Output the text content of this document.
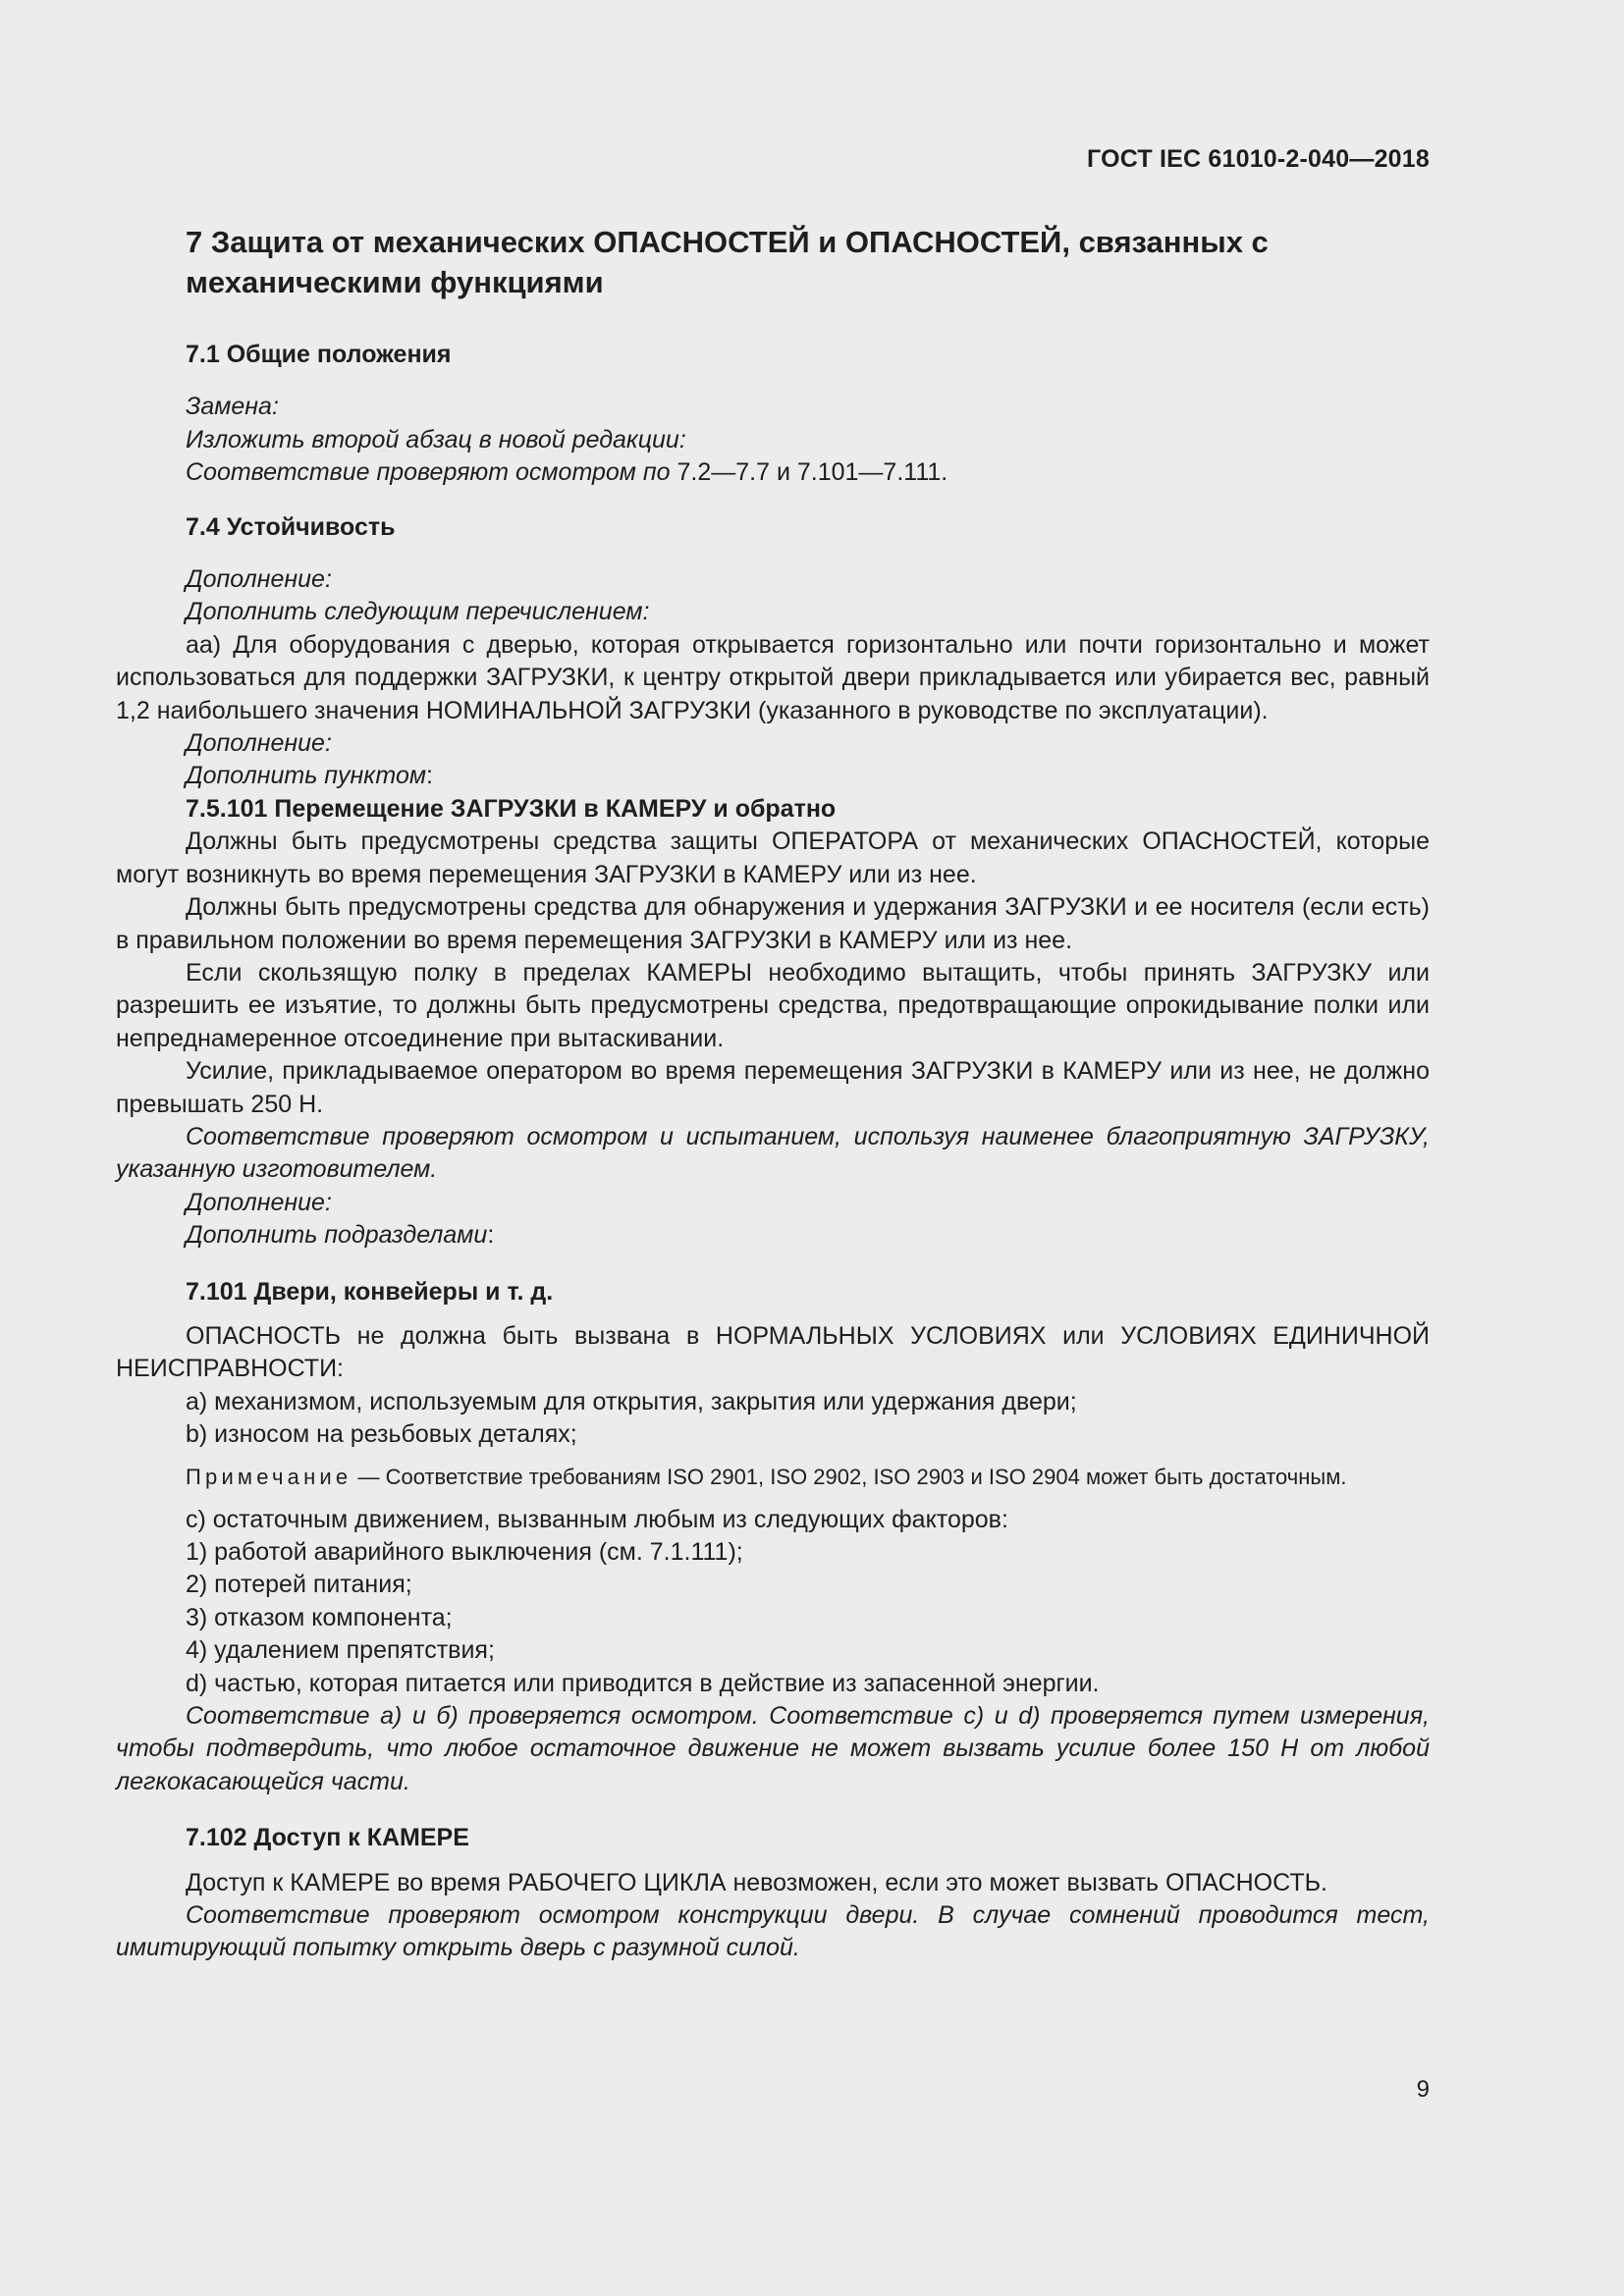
ГОСТ IEC 61010-2-040—2018

7 Защита от механических ОПАСНОСТЕЙ и ОПАСНОСТЕЙ, связанных с механическими функциями

7.1 Общие положения

Замена:

Изложить второй абзац в новой редакции:

Соответствие проверяют осмотром по 7.2—7.7 и 7.101—7.111.

7.4 Устойчивость

Дополнение:

Дополнить следующим перечислением:

аа) Для оборудования с дверью, которая открывается горизонтально или почти горизонтально и может использоваться для поддержки ЗАГРУЗКИ, к центру открытой двери прикладывается или убирается вес, равный 1,2 наибольшего значения НОМИНАЛЬНОЙ ЗАГРУЗКИ (указанного в руководстве по эксплуатации).

Дополнение:

Дополнить пунктом:

7.5.101 Перемещение ЗАГРУЗКИ в КАМЕРУ и обратно

Должны быть предусмотрены средства защиты ОПЕРАТОРА от механических ОПАСНОСТЕЙ, которые могут возникнуть во время перемещения ЗАГРУЗКИ в КАМЕРУ или из нее.

Должны быть предусмотрены средства для обнаружения и удержания ЗАГРУЗКИ и ее носителя (если есть) в правильном положении во время перемещения ЗАГРУЗКИ в КАМЕРУ или из нее.

Если скользящую полку в пределах КАМЕРЫ необходимо вытащить, чтобы принять ЗАГРУЗКУ или разрешить ее изъятие, то должны быть предусмотрены средства, предотвращающие опрокидывание полки или непреднамеренное отсоединение при вытаскивании.

Усилие, прикладываемое оператором во время перемещения ЗАГРУЗКИ в КАМЕРУ или из нее, не должно превышать 250 Н.

Соответствие проверяют осмотром и испытанием, используя наименее благоприятную ЗАГРУЗКУ, указанную изготовителем.

Дополнение:

Дополнить подразделами:

7.101 Двери, конвейеры и т. д.

ОПАСНОСТЬ не должна быть вызвана в НОРМАЛЬНЫХ УСЛОВИЯХ или УСЛОВИЯХ ЕДИНИЧНОЙ НЕИСПРАВНОСТИ:

a) механизмом, используемым для открытия, закрытия или удержания двери;

b) износом на резьбовых деталях;

Примечание — Соответствие требованиям ISO 2901, ISO 2902, ISO 2903 и ISO 2904 может быть достаточным.

c) остаточным движением, вызванным любым из следующих факторов:

1) работой аварийного выключения (см. 7.1.111);

2) потерей питания;

3) отказом компонента;

4) удалением препятствия;

d) частью, которая питается или приводится в действие из запасенной энергии.

Соответствие a) и б) проверяется осмотром. Соответствие c) и d) проверяется путем измерения, чтобы подтвердить, что любое остаточное движение не может вызвать усилие более 150 Н от любой легкокасающейся части.

7.102 Доступ к КАМЕРЕ

Доступ к КАМЕРЕ во время РАБОЧЕГО ЦИКЛА невозможен, если это может вызвать ОПАСНОСТЬ.

Соответствие проверяют осмотром конструкции двери. В случае сомнений проводится тест, имитирующий попытку открыть дверь с разумной силой.

9
